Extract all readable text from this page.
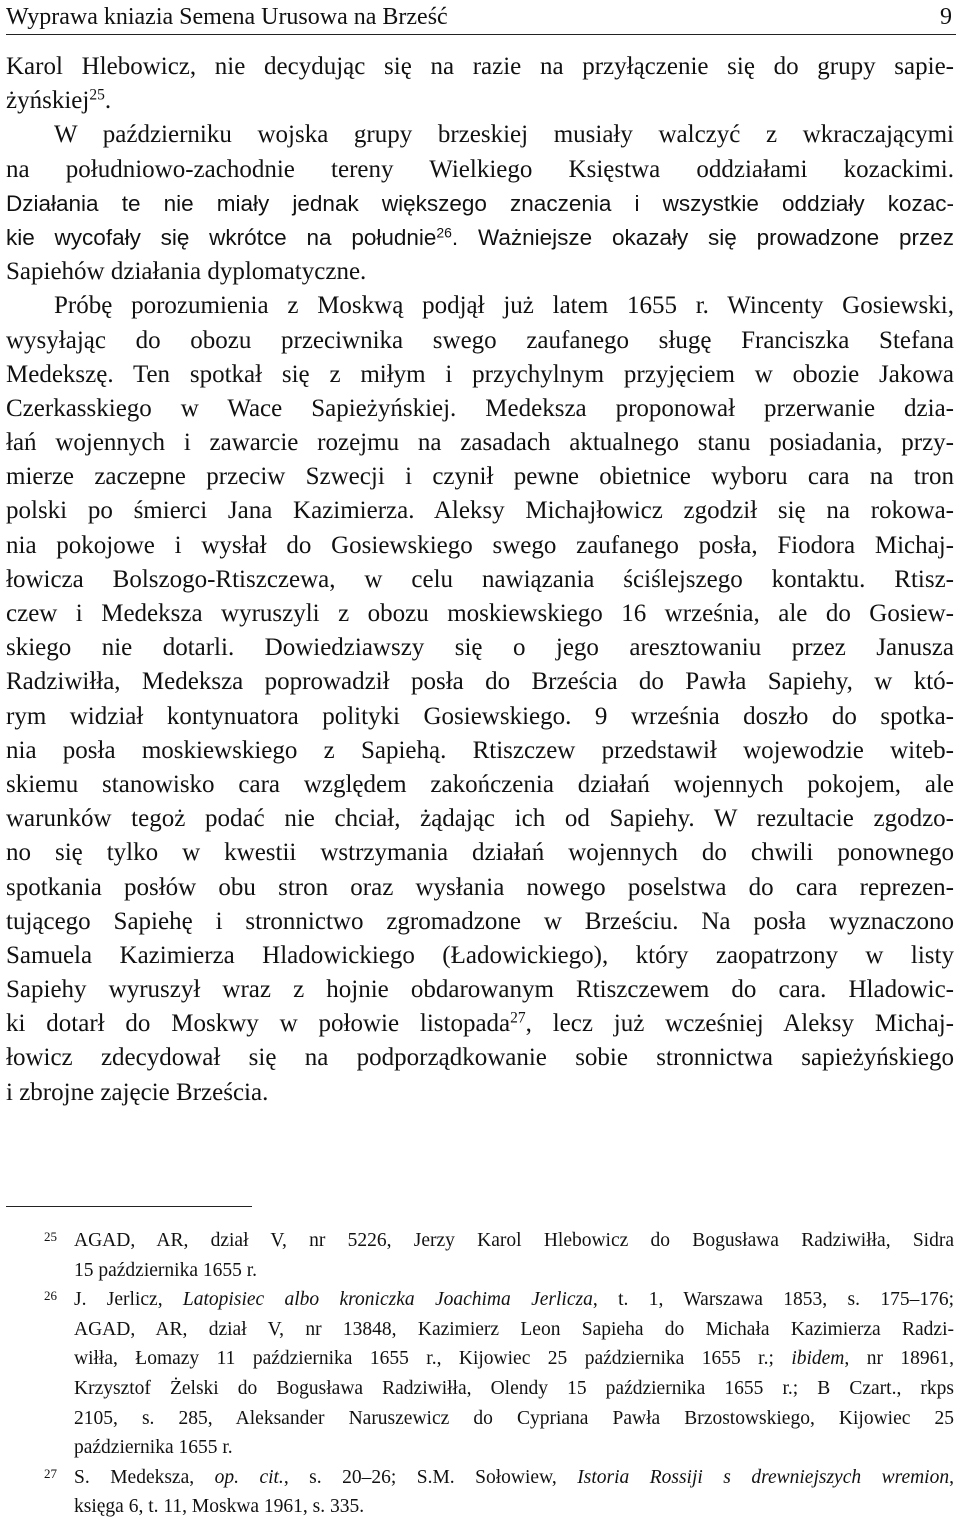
Wyprawa kniazia Semena Urusowa na Brześć	9
Karol Hlebowicz, nie decydując się na razie na przyłączenie się do grupy sapie-
żyńskiej$^{25}$.
W październiku wojska grupy brzeskiej musiały walczyć z wkraczającymi
na południowo-zachodnie tereny Wielkiego Księstwa oddziałami kozackimi.
Działania te nie miały jednak większego znaczenia i wszystkie oddziały kozac-
kie wycofały się wkrótce na południe$^{26}$. Ważniejsze okazały się prowadzone przez
Sapiehów działania dyplomatyczne.
Próbę porozumienia z Moskwą podjął już latem 1655 r. Wincenty Gosiewski,
wysyłając do obozu przeciwnika swego zaufanego sługę Franciszka Stefana
Medekszę. Ten spotkał się z miłym i przychylnym przyjęciem w obozie Jakowa
Czerkasskiego w Wace Sapieżyńskiej. Medeksza proponował przerwanie dzia-
łań wojennych i zawarcie rozejmu na zasadach aktualnego stanu posiadania, przy-
mierze zaczepne przeciw Szwecji i czynił pewne obietnice wyboru cara na tron
polski po śmierci Jana Kazimierza. Aleksy Michajłowicz zgodził się na rokowa-
nia pokojowe i wysłał do Gosiewskiego swego zaufanego posła, Fiodora Michaj-
łowicza Bolszogo-Rtiszczewa, w celu nawiązania ściślejszego kontaktu. Rtisz-
czew i Medeksza wyruszyli z obozu moskiewskiego 16 września, ale do Gosiew-
skiego nie dotarli. Dowiedziawszy się o jego aresztowaniu przez Janusza
Radziwiłła, Medeksza poprowadził posła do Brześcia do Pawła Sapiehy, w któ-
rym widział kontynuatora polityki Gosiewskiego. 9 września doszło do spotka-
nia posła moskiewskiego z Sapiehą. Rtiszczew przedstawił wojewodzie witeb-
skiemu stanowisko cara względem zakończenia działań wojennych pokojem, ale
warunków tegoż podać nie chciał, żądając ich od Sapiehy. W rezultacie zgodzo-
no się tylko w kwestii wstrzymania działań wojennych do chwili ponownego
spotkania posłów obu stron oraz wysłania nowego poselstwa do cara reprezen-
tującego Sapiehę i stronnictwo zgromadzone w Brześciu. Na posła wyznaczono
Samuela Kazimierza Hladowickiego (Ładowickiego), który zaopatrzony w listy
Sapiehy wyruszył wraz z hojnie obdarowanym Rtiszczewem do cara. Hladowic-
ki dotarł do Moskwy w połowie listopada$^{27}$, lecz już wcześniej Aleksy Michaj-
łowicz zdecydował się na podporządkowanie sobie stronnictwa sapieżyńskiego
i zbrojne zajęcie Brześcia.
25 AGAD, AR, dział V, nr 5226, Jerzy Karol Hlebowicz do Bogusława Radziwiłła, Sidra
15 października 1655 r.
26 J. Jerlicz, Latopisiec albo kroniczka Joachima Jerlicza, t. 1, Warszawa 1853, s. 175–176;
AGAD, AR, dział V, nr 13848, Kazimierz Leon Sapieha do Michała Kazimierza Radzi-
wiłła, Łomazy 11 października 1655 r., Kijowiec 25 października 1655 r.; ibidem, nr 18961,
Krzysztof Żelski do Bogusława Radziwiłła, Olendy 15 października 1655 r.; B Czart., rkps
2105, s. 285, Aleksander Naruszewicz do Cypriana Pawła Brzostowskiego, Kijowiec 25
października 1655 r.
27 S. Medeksza, op. cit., s. 20–26; S.M. Sołowiew, Istoria Rossiji s drewniejszych wremion,
księga 6, t. 11, Moskwa 1961, s. 335.
